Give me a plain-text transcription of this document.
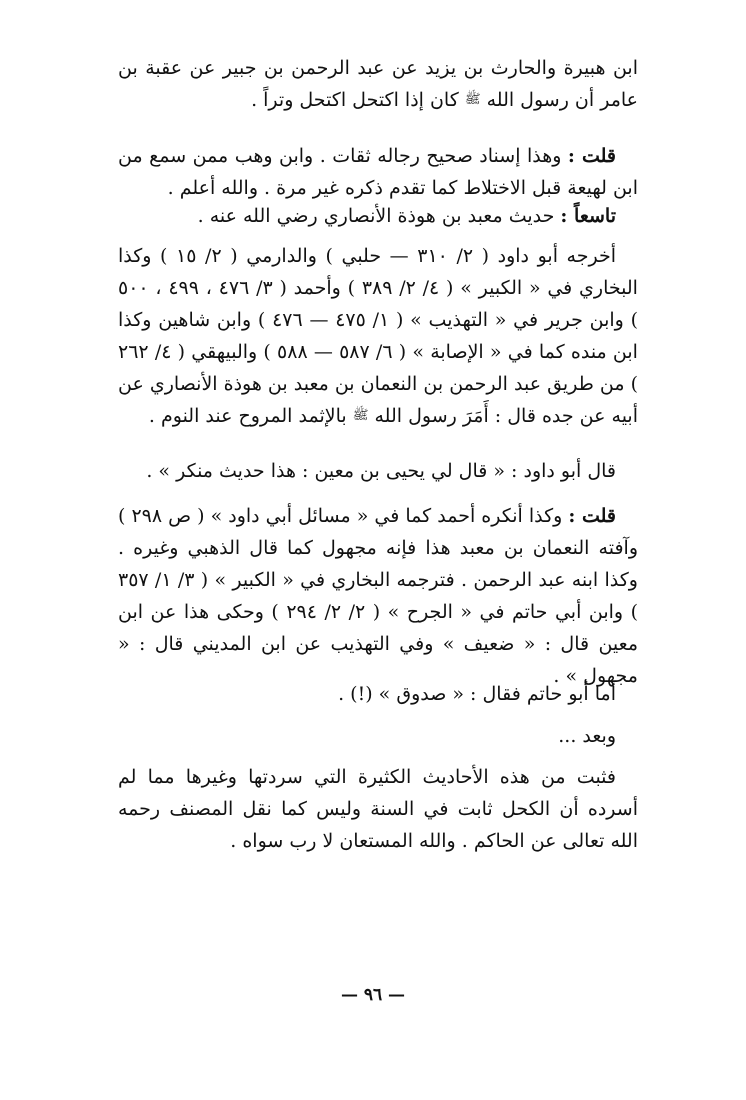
ابن هبيرة والحارث بن يزيد عن عبد الرحمن بن جبير عن عقبة بن عامر أن رسول الله ﷺ كان إذا اكتحل اكتحل وتراً .

قلت : وهذا إسناد صحيح رجاله ثقات . وابن وهب ممن سمع من ابن لهيعة قبل الاختلاط كما تقدم ذكره غير مرة . والله أعلم .

تاسعاً : حديث معبد بن هوذة الأنصاري رضي الله عنه .

أخرجه أبو داود ( ٢/ ٣١٠ — حلبي ) والدارمي ( ٢/ ١٥ ) وكذا البخاري في « الكبير » ( ٤/ ٢/ ٣٨٩ ) وأحمد ( ٣/ ٤٧٦ ، ٤٩٩ ، ٥٠٠ ) وابن جرير في « التهذيب » ( ١/ ٤٧٥ — ٤٧٦ ) وابن شاهين وكذا ابن منده كما في « الإصابة » ( ٦/ ٥٨٧ — ٥٨٨ ) والبيهقي ( ٤/ ٢٦٢ ) من طريق عبد الرحمن بن النعمان بن معبد بن هوذة الأنصاري عن أبيه عن جده قال : أَمَرَ رسول الله ﷺ بالإثمد المروح عند النوم .

قال أبو داود : « قال لي يحيى بن معين : هذا حديث منكر » .

قلت : وكذا أنكره أحمد كما في « مسائل أبي داود » ( ص ٢٩٨ ) وآفته النعمان بن معبد هذا فإنه مجهول كما قال الذهبي وغيره . وكذا ابنه عبد الرحمن . فترجمه البخاري في « الكبير » ( ٣/ ١/ ٣٥٧ ) وابن أبي حاتم في « الجرح » ( ٢/ ٢/ ٢٩٤ ) وحكى هذا عن ابن معين قال : « ضعيف » وفي التهذيب عن ابن المديني قال : « مجهول » .

أما أبو حاتم فقال : « صدوق » (!) .

وبعد ...

فثبت من هذه الأحاديث الكثيرة التي سردتها وغيرها مما لم أسرده أن الكحل ثابت في السنة وليس كما نقل المصنف رحمه الله تعالى عن الحاكم . والله المستعان لا رب سواه .

— ٩٦ —
